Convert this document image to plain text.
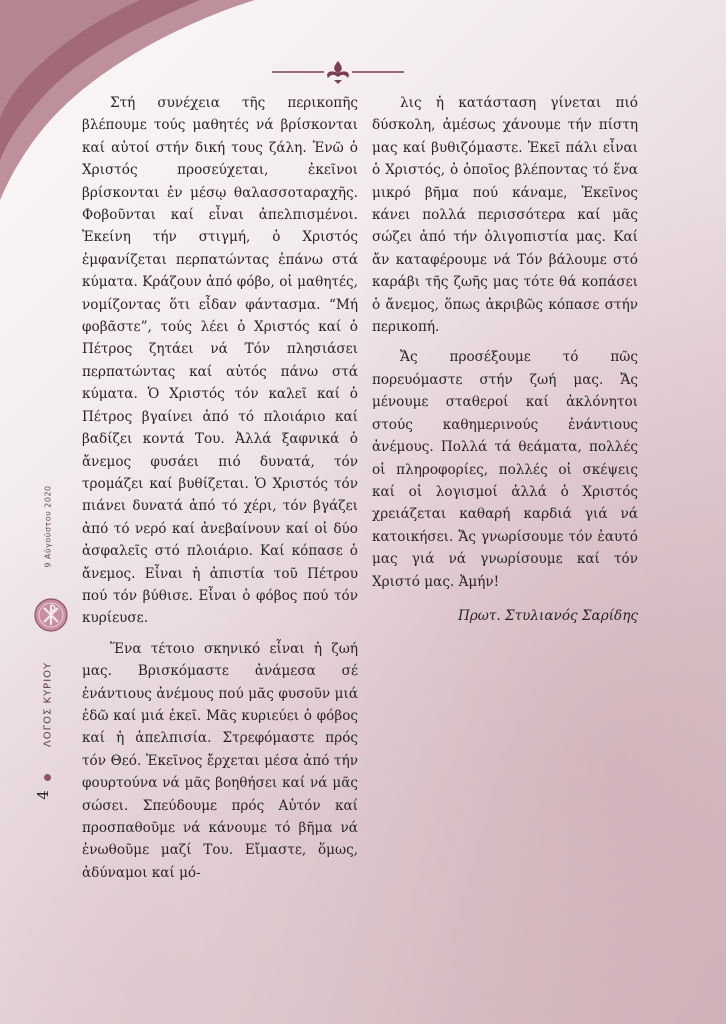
Στή συνέχεια τῆς περικοπῆς βλέπουμε τούς μαθητές νά βρίσκονται καί αὐτοί στήν δική τους ζάλη. Ἐνῶ ὁ Χριστός προσεύχεται, ἐκεῖνοι βρίσκονται ἐν μέσῳ θαλασσοταραχῆς. Φοβοῦνται καί εἶναι ἀπελπισμένοι. Ἐκείνη τήν στιγμή, ὁ Χριστός ἐμφανίζεται περπατώντας ἐπάνω στά κύματα. Κράζουν ἀπό φόβο, οἱ μαθητές, νομίζοντας ὅτι εἶδαν φάντασμα. “Μή φοβᾶστε”, τούς λέει ὁ Χριστός καί ὁ Πέτρος ζητάει νά Τόν πλησιάσει περπατώντας καί αὐτός πάνω στά κύματα. Ὁ Χριστός τόν καλεῖ καί ὁ Πέτρος βγαίνει ἀπό τό πλοιάριο καί βαδίζει κοντά Του. Ἀλλά ξαφνικά ὁ ἄνεμος φυσάει πιό δυνατά, τόν τρομάζει καί βυθίζεται. Ὁ Χριστός τόν πιάνει δυνατά ἀπό τό χέρι, τόν βγάζει ἀπό τό νερό καί ἀνεβαίνουν καί οἱ δύο ἀσφαλεῖς στό πλοιάριο. Καί κόπασε ὁ ἄνεμος. Εἶναι ἡ ἀπιστία τοῦ Πέτρου πού τόν βύθισε. Εἶναι ὁ φόβος πού τόν κυρίευσε.

Ἕνα τέτοιο σκηνικό εἶναι ἡ ζωή μας. Βρισκόμαστε ἀνάμεσα σέ ἐνάντιους ἀνέμους πού μᾶς φυσοῦν μιά ἐδῶ καί μιά ἐκεῖ. Μᾶς κυριεύει ὁ φόβος καί ἡ ἀπελπισία. Στρεφόμαστε πρός τόν Θεό. Ἐκεῖνος ἔρχεται μέσα ἀπό τήν φουρτούνα νά μᾶς βοηθήσει καί νά μᾶς σώσει. Σπεύδουμε πρός Αὐτόν καί προσπαθοῦμε νά κάνουμε τό βῆμα νά ἑνωθοῦμε μαζί Του. Εἴμαστε, ὅμως, ἀδύναμοι καί μό-

λις ἡ κατάσταση γίνεται πιό δύσκολη, ἀμέσως χάνουμε τήν πίστη μας καί βυθιζόμαστε. Ἐκεῖ πάλι εἶναι ὁ Χριστός, ὁ ὁποῖος βλέποντας τό ἕνα μικρό βῆμα πού κάναμε, Ἐκεῖνος κάνει πολλά περισσότερα καί μᾶς σώζει ἀπό τήν ὀλιγοπιστία μας. Καί ἄν καταφέρουμε νά Τόν βάλουμε στό καράβι τῆς ζωῆς μας τότε θά κοπάσει ὁ ἄνεμος, ὅπως ἀκριβῶς κόπασε στήν περικοπή.

Ἄς προσέξουμε τό πῶς πορευόμαστε στήν ζωή μας. Ἄς μένουμε σταθεροί καί ἀκλόνητοι στούς καθημερινούς ἐνάντιους ἀνέμους. Πολλά τά θεάματα, πολλές οἱ πληροφορίες, πολλές οἱ σκέψεις καί οἱ λογισμοί ἀλλά ὁ Χριστός χρειάζεται καθαρή καρδιά γιά νά κατοικήσει. Ἄς γνωρίσουμε τόν ἑαυτό μας γιά νά γνωρίσουμε καί τόν Χριστό μας. Ἀμήν!

Πρωτ. Στυλιανός Σαρίδης

9 Αὐγούστου 2020
ΛΟΓΟΣ ΚΥΡΙΟΥ
4
